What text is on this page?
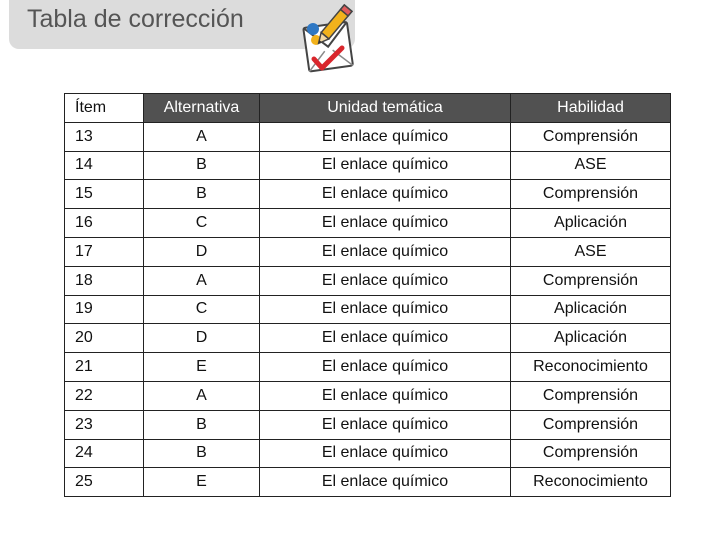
Tabla de corrección
Ítem	Alternativa	Unidad temática	Habilidad
13	A	El enlace químico	Comprensión
14	B	El enlace químico	ASE
15	B	El enlace químico	Comprensión
16	C	El enlace químico	Aplicación
17	D	El enlace químico	ASE
18	A	El enlace químico	Comprensión
19	C	El enlace químico	Aplicación
20	D	El enlace químico	Aplicación
21	E	El enlace químico	Reconocimiento
22	A	El enlace químico	Comprensión
23	B	El enlace químico	Comprensión
24	B	El enlace químico	Comprensión
25	E	El enlace químico	Reconocimiento
